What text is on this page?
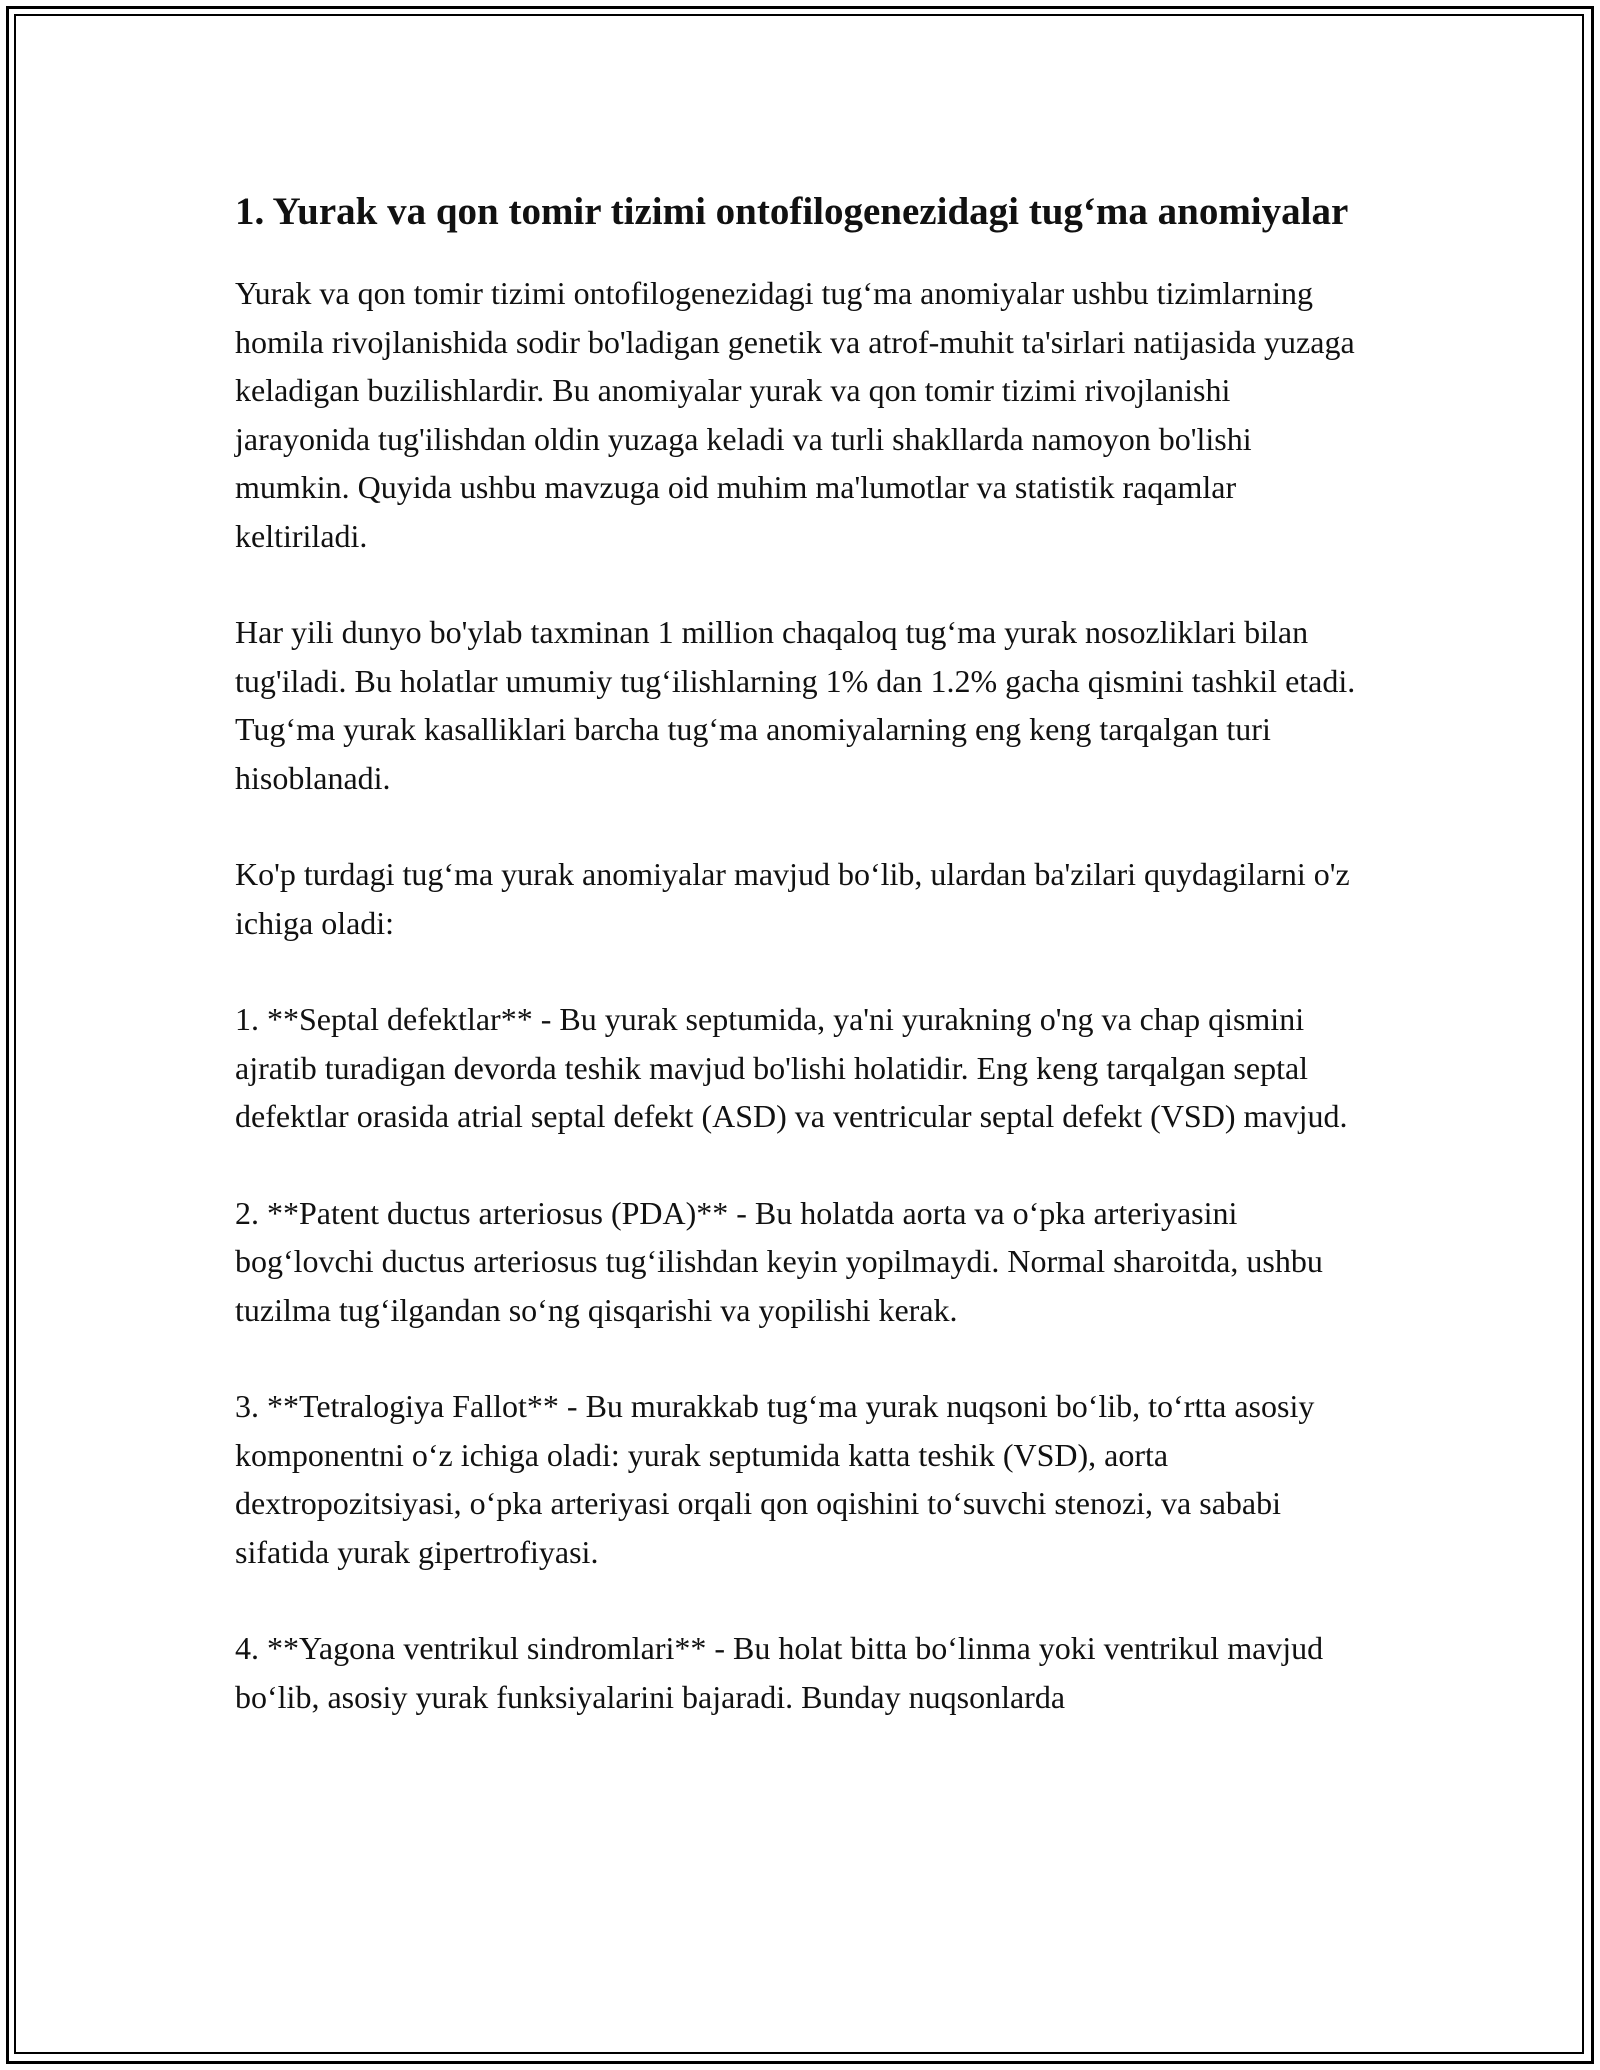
1. Yurak va qon tomir tizimi ontofilogenezidagi tug‘ma anomiyalar

Yurak va qon tomir tizimi ontofilogenezidagi tug‘ma anomiyalar ushbu tizimlarning homila rivojlanishida sodir bo'ladigan genetik va atrof-muhit ta'sirlari natijasida yuzaga keladigan buzilishlardir. Bu anomiyalar yurak va qon tomir tizimi rivojlanishi jarayonida tug'ilishdan oldin yuzaga keladi va turli shakllarda namoyon bo'lishi mumkin. Quyida ushbu mavzuga oid muhim ma'lumotlar va statistik raqamlar keltiriladi.

Har yili dunyo bo'ylab taxminan 1 million chaqaloq tug‘ma yurak nosozliklari bilan tug'iladi. Bu holatlar umumiy tug‘ilishlarning 1% dan 1.2% gacha qismini tashkil etadi. Tug‘ma yurak kasalliklari barcha tug‘ma anomiyalarning eng keng tarqalgan turi hisoblanadi.

Ko'p turdagi tug‘ma yurak anomiyalar mavjud bo‘lib, ulardan ba'zilari quydagilarni o'z ichiga oladi:

1. **Septal defektlar** - Bu yurak septumida, ya'ni yurakning o'ng va chap qismini ajratib turadigan devorda teshik mavjud bo'lishi holatidir. Eng keng tarqalgan septal defektlar orasida atrial septal defekt (ASD) va ventricular septal defekt (VSD) mavjud.

2. **Patent ductus arteriosus (PDA)** - Bu holatda aorta va o‘pka arteriyasini bog‘lovchi ductus arteriosus tug‘ilishdan keyin yopilmaydi. Normal sharoitda, ushbu tuzilma tug‘ilgandan so‘ng qisqarishi va yopilishi kerak.

3. **Tetralogiya Fallot** - Bu murakkab tug‘ma yurak nuqsoni bo‘lib, to‘rtta asosiy komponentni o‘z ichiga oladi: yurak septumida katta teshik (VSD), aorta dextropozitsiyasi, o‘pka arteriyasi orqali qon oqishini to‘suvchi stenozi, va sababi sifatida yurak gipertrofiyasi.

4. **Yagona ventrikul sindromlari** - Bu holat bitta bo‘linma yoki ventrikul mavjud bo‘lib, asosiy yurak funksiyalarini bajaradi. Bunday nuqsonlarda
